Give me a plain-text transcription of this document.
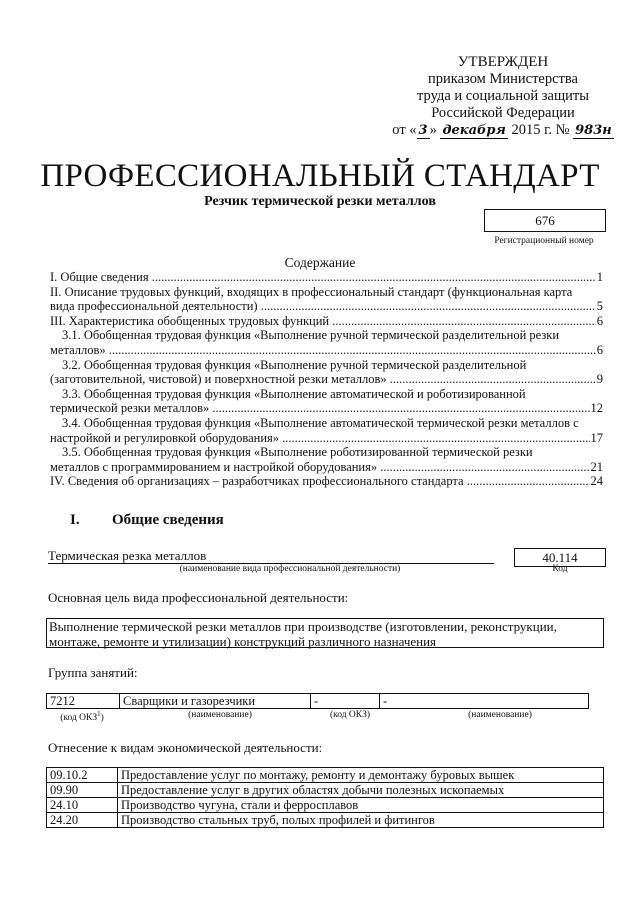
УТВЕРЖДЕН
приказом Министерства
труда и социальной защиты
Российской Федерации
от « 3 » декабря 2015 г. № 983н
ПРОФЕССИОНАЛЬНЫЙ СТАНДАРТ
Резчик термической резки металлов
676
Регистрационный номер
Содержание
I. Общие сведения .....	1
II. Описание трудовых функций, входящих в профессиональный стандарт (функциональная карта
вида профессиональной деятельности) .....	5
III. Характеристика обобщенных трудовых функций .....	6
3.1. Обобщенная трудовая функция «Выполнение ручной термической разделительной резки
металлов» .....	6
3.2. Обобщенная трудовая функция «Выполнение ручной термической разделительной
(заготовительной, чистовой) и поверхностной резки металлов» .....	9
3.3. Обобщенная трудовая функция «Выполнение автоматической и роботизированной
термической резки металлов» .....	12
3.4. Обобщенная трудовая функция «Выполнение автоматической термической резки металлов с
настройкой и регулировкой оборудования» .....	17
3.5. Обобщенная трудовая функция «Выполнение роботизированной термической резки
металлов с программированием и настройкой оборудования» .....	21
IV. Сведения об организациях – разработчиках профессионального стандарта .....	24
I. Общие сведения
Термическая резка металлов
(наименование вида профессиональной деятельности)
40.114
Код
Основная цель вида профессиональной деятельности:
Выполнение термической резки металлов при производстве (изготовлении, реконструкции,
монтаже, ремонте и утилизации) конструкций различного назначения
Группа занятий:
7212	Сварщики и газорезчики	-	-
(код ОКЗ$^1$)	(наименование)	(код ОКЗ)	(наименование)
Отнесение к видам экономической деятельности:
09.10.2	Предоставление услуг по монтажу, ремонту и демонтажу буровых вышек
09.90	Предоставление услуг в других областях добычи полезных ископаемых
24.10	Производство чугуна, стали и ферросплавов
24.20	Производство стальных труб, полых профилей и фитингов
